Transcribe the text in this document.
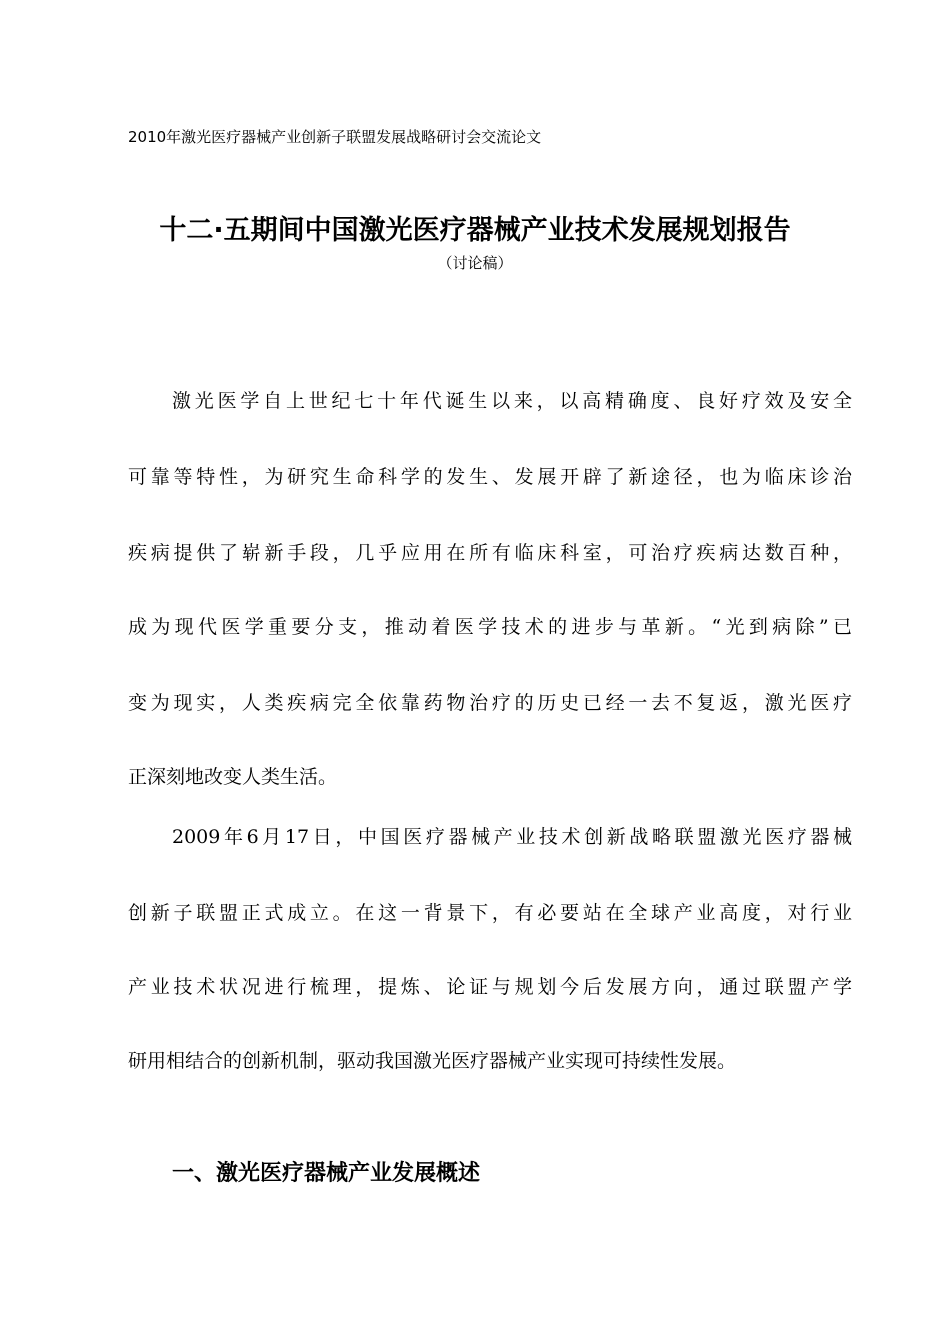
2010年激光医疗器械产业创新子联盟发展战略研讨会交流论文
十二·五期间中国激光医疗器械产业技术发展规划报告
（讨论稿）
激光医学自上世纪七十年代诞生以来，以高精确度、良好疗效及安全
可靠等特性，为研究生命科学的发生、发展开辟了新途径，也为临床诊治
疾病提供了崭新手段，几乎应用在所有临床科室，可治疗疾病达数百种，
成为现代医学重要分支，推动着医学技术的进步与革新。“光到病除”已
变为现实，人类疾病完全依靠药物治疗的历史已经一去不复返，激光医疗
正深刻地改变人类生活。
2009年6月17日，中国医疗器械产业技术创新战略联盟激光医疗器械
创新子联盟正式成立。在这一背景下，有必要站在全球产业高度，对行业
产业技术状况进行梳理，提炼、论证与规划今后发展方向，通过联盟产学
研用相结合的创新机制，驱动我国激光医疗器械产业实现可持续性发展。
一、激光医疗器械产业发展概述
